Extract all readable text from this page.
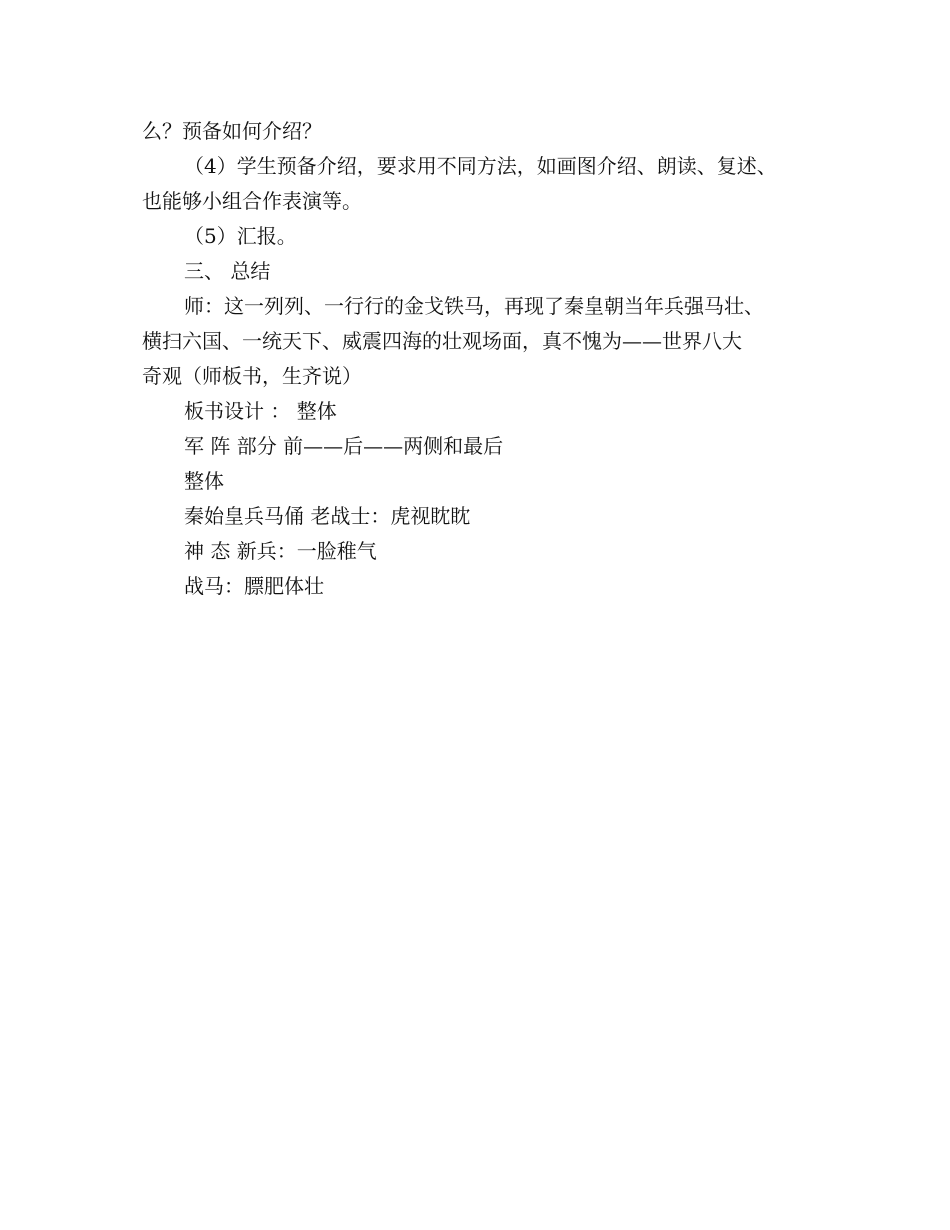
么？预备如何介绍？
（4）学生预备介绍，要求用不同方法，如画图介绍、朗读、复述、
也能够小组合作表演等。
（5）汇报。
三、 总结
师：这一列列、一行行的金戈铁马，再现了秦皇朝当年兵强马壮、
横扫六国、一统天下、威震四海的壮观场面，真不愧为——世界八大
奇观（师板书，生齐说）
板书设计 ： 整体
军 阵 部分 前——后——两侧和最后
整体
秦始皇兵马俑 老战士：虎视眈眈
神 态 新兵：一脸稚气
战马：膘肥体壮
